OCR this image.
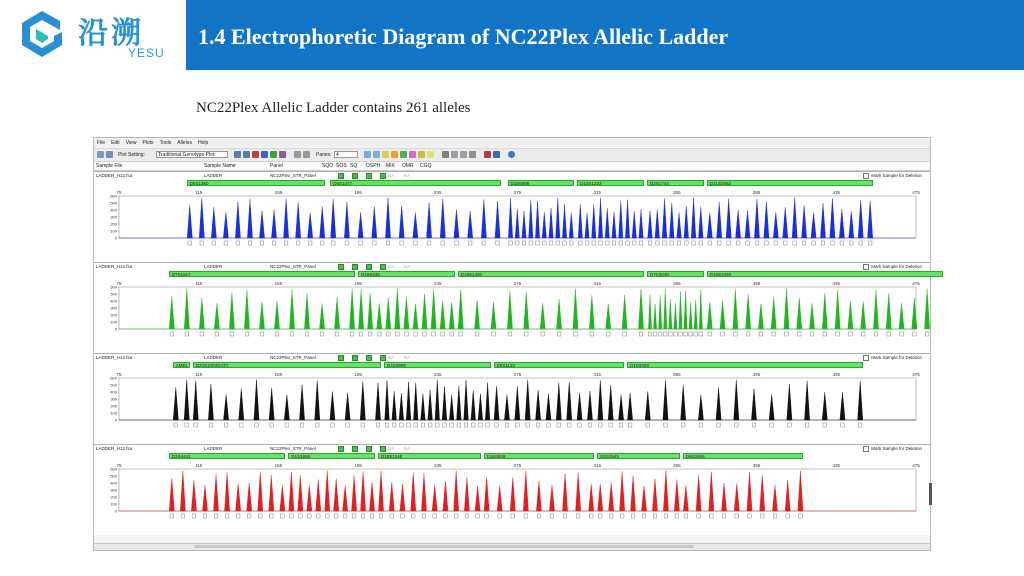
沿溯
YESU
1.4 Electrophoretic Diagram of NC22Plex Allelic Ladder
NC22Plex Allelic Ladder contains 261 alleles
File Edit View Plots Tools Alleles Help
Plot Setting:	Traditional Genotype Plot	Panes: 4
Sample File	Sample Name	Panel	SQO SOS SQ OSPH MIX OMR CGQ
LADDER_H12.fsa	LADDER	NC22Plex_STR_Panel	NA NA	Mark Sample for Deletion
D8S1360	D6S1477	D18S888	D10S1233	D2S1744	D21S2062
75	115	155	195	235	275	315	355	395	435	475
600
500
400
300
200
100
0
LADDER_H12.fsa	LADDER	NC22Plex_STR_Panel	NA NA	Mark Sample for Deletion
D7S1517	D18S535	D18S1400	D7S3048	D19S2326
75	115	155	195	235	275	315	355	395	435	475
600
500
400
300
200
100
0
LADDER_H12.fsa	LADDER	NC22Plex_STR_Panel	NA NA	Mark Sample for Deletion
AMEL	D22S1003GATA	D4S2809	D8S1132	D1S3328
75	115	155	195	235	275	315	355	395	435	475
600
500
400
300
200
100
0
LADDER_H12.fsa	LADDER	NC22Plex_STR_Panel	NA NA	Mark Sample for Deletion
D3S4441	D1S1665	D18S1248	D16S539	D3S3645	D6S2506
75	115	155	195	235	275	315	355	395	435	475
600
500
400
300
200
100
0
